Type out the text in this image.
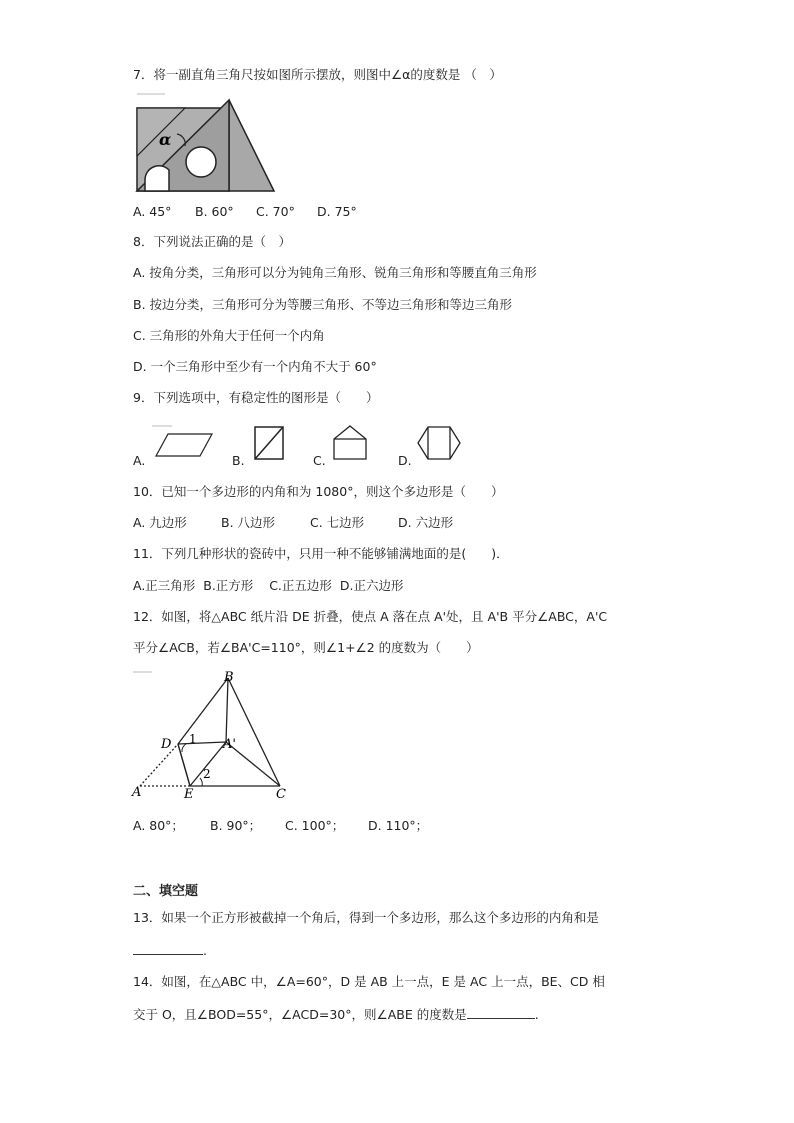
7．将一副直角三角尺按如图所示摆放，则图中∠α的度数是 （　）
α
A. 45° B. 60° C. 70° D. 75°
8．下列说法正确的是（　）
A. 按角分类，三角形可以分为钝角三角形、锐角三角形和等腰直角三角形
B. 按边分类，三角形可分为等腰三角形、不等边三角形和等边三角形
C. 三角形的外角大于任何一个内角
D. 一个三角形中至少有一个内角不大于 60°
9．下列选项中，有稳定性的图形是（　　）
A.	B.	C.	D.
10．已知一个多边形的内角和为 1080°，则这个多边形是（　　）
A. 九边形	B. 八边形	C. 七边形	D. 六边形
11．下列几种形状的瓷砖中，只用一种不能够铺满地面的是(　　)．
A.正三角形  B.正方形    C.正五边形  D.正六边形
12．如图，将△ABC 纸片沿 DE 折叠，使点 A 落在点 A'处，且 A'B 平分∠ABC，A'C
平分∠ACB，若∠BA'C=110°，则∠1+∠2 的度数为（　　）
B
D 1 A'
2
A	E	C
A. 80°； B. 90°； C. 100°； D. 110°；
二、填空题
13．如果一个正方形被截掉一个角后，得到一个多边形，那么这个多边形的内角和是
.
14．如图，在△ABC 中，∠A=60°，D 是 AB 上一点，E 是 AC 上一点，BE、CD 相
交于 O，且∠BOD=55°，∠ACD=30°，则∠ABE 的度数是	.
